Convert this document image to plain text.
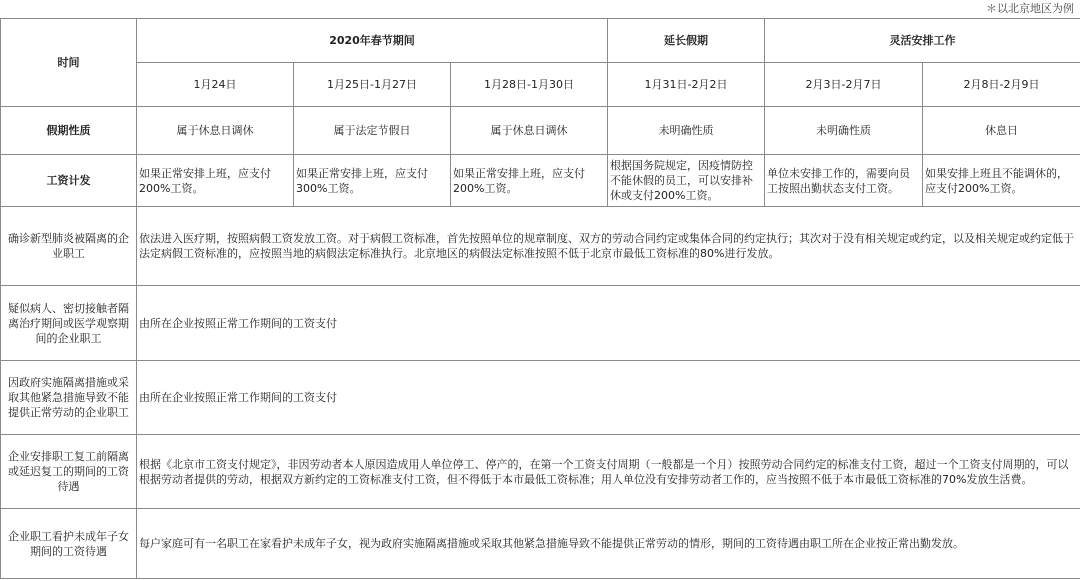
＊以北京地区为例
时间	2020年春节期间			延长假期	灵活安排工作	
	1月24日	1月25日-1月27日	1月28日-1月30日	1月31日-2月2日	2月3日-2月7日	2月8日-2月9日
假期性质	属于休息日调休	属于法定节假日	属于休息日调休	未明确性质	未明确性质	休息日
工资计发	如果正常安排上班，应支付200%工资。	如果正常安排上班，应支付300%工资。	如果正常安排上班，应支付200%工资。	根据国务院规定，因疫情防控不能休假的员工，可以安排补休或支付200%工资。	单位未安排工作的，需要向员工按照出勤状态支付工资。	如果安排上班且不能调休的，应支付200%工资。
确诊新型肺炎被隔离的企业职工	依法进入医疗期，按照病假工资发放工资。对于病假工资标准，首先按照单位的规章制度、双方的劳动合同约定或集体合同的约定执行；其次对于没有相关规定或约定，以及相关规定或约定低于法定病假工资标准的，应按照当地的病假法定标准执行。北京地区的病假法定标准按照不低于北京市最低工资标准的80%进行发放。					
疑似病人、密切接触者隔离治疗期间或医学观察期间的企业职工	由所在企业按照正常工作期间的工资支付					
因政府实施隔离措施或采取其他紧急措施导致不能提供正常劳动的企业职工	由所在企业按照正常工作期间的工资支付					
企业安排职工复工前隔离或延迟复工的期间的工资待遇	根据《北京市工资支付规定》，非因劳动者本人原因造成用人单位停工、停产的，在第一个工资支付周期（一般都是一个月）按照劳动合同约定的标准支付工资，超过一个工资支付周期的，可以根据劳动者提供的劳动，根据双方新约定的工资标准支付工资，但不得低于本市最低工资标准；用人单位没有安排劳动者工作的，应当按照不低于本市最低工资标准的70%发放生活费。					
企业职工看护未成年子女期间的工资待遇	每户家庭可有一名职工在家看护未成年子女，视为政府实施隔离措施或采取其他紧急措施导致不能提供正常劳动的情形，期间的工资待遇由职工所在企业按正常出勤发放。					
